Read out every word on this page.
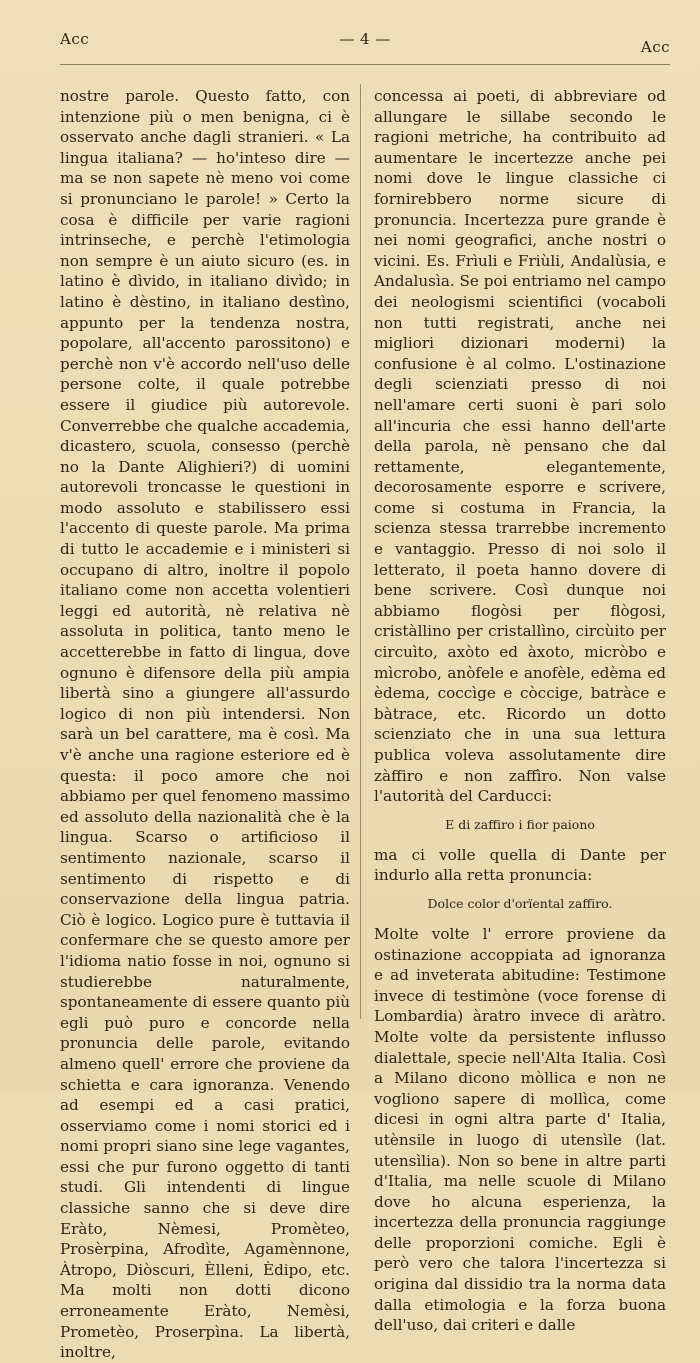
Acc	— 4 —	Acc

nostre parole. Questo fatto, con intenzione più o men benigna, ci è osservato anche dagli stranieri. « La lingua italiana? — ho'inteso dire — ma se non sapete nè meno voi come si pronunciano le parole! » Certo la cosa è difficile per varie ragioni intrinseche, e perchè l'etimologia non sempre è un aiuto sicuro (es. in latino è dìvido, in italiano divìdo; in latino è dèstino, in italiano destìno, appunto per la tendenza nostra, popolare, all'accento parossitono) e perchè non v'è accordo nell'uso delle persone colte, il quale potrebbe essere il giudice più autorevole. Converrebbe che qualche accademia, dicastero, scuola, consesso (perchè no la Dante Alighieri?) di uomini autorevoli troncasse le questioni in modo assoluto e stabilissero essi l'accento di queste parole. Ma prima di tutto le accademie e i ministeri si occupano di altro, inoltre il popolo italiano come non accetta volentieri leggi ed autorità, nè relativa nè assoluta in politica, tanto meno le accetterebbe in fatto di lingua, dove ognuno è difensore della più ampia libertà sino a giungere all'assurdo logico di non più intendersi. Non sarà un bel carattere, ma è così. Ma v'è anche una ragione esteriore ed è questa: il poco amore che noi abbiamo per quel fenomeno massimo ed assoluto della nazionalità che è la lingua. Scarso o artificioso il sentimento nazionale, scarso il sentimento di rispetto e di conservazione della lingua patria. Ciò è logico. Logico pure è tuttavia il confermare che se questo amore per l'idioma natio fosse in noi, ognuno si studierebbe naturalmente, spontaneamente di essere quanto più egli può puro e concorde nella pronuncia delle parole, evitando almeno quell' errore che proviene da schietta e cara ignoranza. Venendo ad esempi ed a casi pratici, osserviamo come i nomi storici ed i nomi propri siano sine lege vagantes, essi che pur furono oggetto di tanti studi. Gli intendenti di lingue classiche sanno che si deve dire Eràto, Nèmesi, Promèteo, Prosèrpina, Afrodìte, Agamènnone, Àtropo, Diòscuri, Èlleni, Èdipo, etc. Ma molti non dotti dicono erroneamente Eràto, Nemèsi, Prometèo, Proserpìna. La libertà, inoltre,

concessa ai poeti, di abbreviare od allungare le sillabe secondo le ragioni metriche, ha contribuito ad aumentare le incertezze anche pei nomi dove le lingue classiche ci fornirebbero norme sicure di pronuncia. Incertezza pure grande è nei nomi geografici, anche nostri o vicini. Es. Frìuli e Friùli, Andalùsia, e Andalusìa. Se poi entriamo nel campo dei neologismi scientifici (vocaboli non tutti registrati, anche nei migliori dizionari moderni) la confusione è al colmo. L'ostinazione degli scienziati presso di noi nell'amare certi suoni è pari solo all'incuria che essi hanno dell'arte della parola, nè pensano che dal rettamente, elegantemente, decorosamente esporre e scrivere, come si costuma in Francia, la scienza stessa trarrebbe incremento e vantaggio. Presso di noi solo il letterato, il poeta hanno dovere di bene scrivere. Così dunque noi abbiamo flogòsi per flògosi, cristàllino per cristallìno, circùito per circuìto, axòto ed àxoto, micròbo e mìcrobo, anòfele e anofèle, edèma ed èdema, coccìge e còccige, batràce e bàtrace, etc. Ricordo un dotto scienziato che in una sua lettura publica voleva assolutamente dire zàffiro e non zaffìro. Non valse l'autorità del Carducci:

E di zaffiro i fior paiono

ma ci volle quella di Dante per indurlo alla retta pronuncia:

Dolce color d'orïental zaffiro.

Molte volte l' errore proviene da ostinazione accoppiata ad ignoranza e ad inveterata abitudine: Testimone invece di testimòne (voce forense di Lombardia) àratro invece di aràtro. Molte volte da persistente influsso dialettale, specie nell'Alta Italia. Così a Milano dicono mòllica e non ne vogliono sapere di mollìca, come dicesi in ogni altra parte d' Italia, utènsile in luogo di utensìle (lat. utensìlia). Non so bene in altre parti d'Italia, ma nelle scuole di Milano dove ho alcuna esperienza, la incertezza della pronuncia raggiunge delle proporzioni comiche. Egli è però vero che talora l'incertezza si origina dal dissidio tra la norma data dalla etimologia e la forza buona dell'uso, dai criteri e dalle
